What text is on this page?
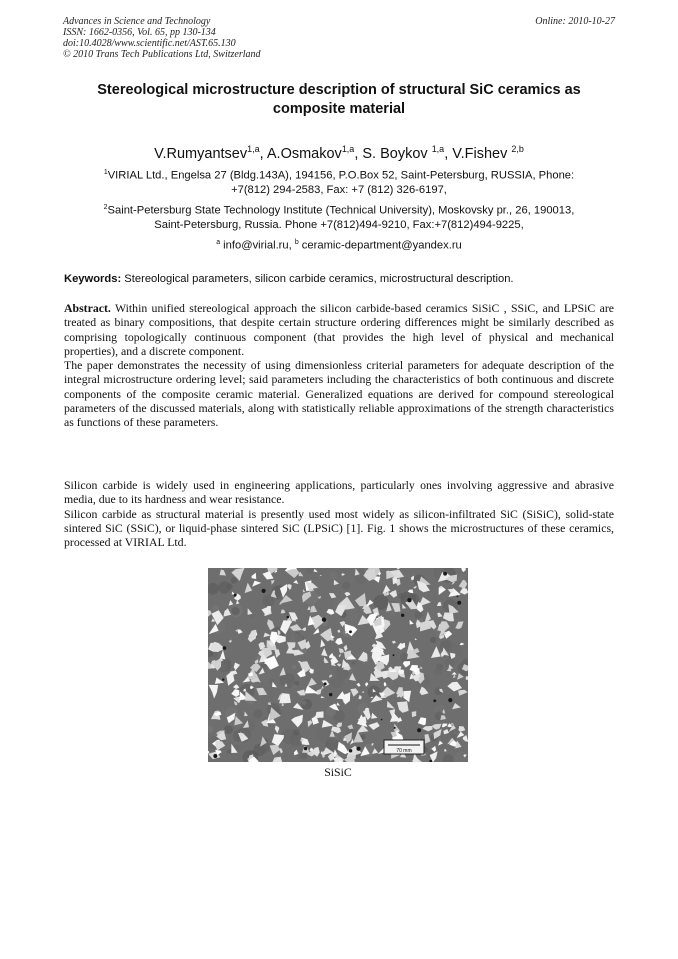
Advances in Science and Technology
ISSN: 1662-0356, Vol. 65, pp 130-134
doi:10.4028/www.scientific.net/AST.65.130
© 2010 Trans Tech Publications Ltd, Switzerland
Online: 2010-10-27
Stereological microstructure description of structural SiC ceramics as
composite material
V.Rumyantsev$^{1,a}$, A.Osmakov$^{1,a}$, S. Boykov $^{1,a}$, V.Fishev $^{2,b}$
$^1$VIRIAL Ltd., Engelsa 27 (Bldg.143A), 194156, P.O.Box 52, Saint-Petersburg, RUSSIA, Phone:
+7(812) 294-2583, Fax: +7 (812) 326-6197,
$^2$Saint-Petersburg State Technology Institute (Technical University), Moskovsky pr., 26, 190013,
Saint-Petersburg, Russia. Phone +7(812)494-9210, Fax:+7(812)494-9225,
$^a$ info@virial.ru, $^b$ ceramic-department@yandex.ru
Keywords: Stereological parameters, silicon carbide ceramics, microstructural description.

Abstract. Within unified stereological approach the silicon carbide-based ceramics SiSiC , SSiC, and LPSiC are treated as binary compositions, that despite certain structure ordering differences might be similarly described as comprising topologically continuous component (that provides the high level of physical and mechanical properties), and a discrete component.

The paper demonstrates the necessity of using dimensionless criterial parameters for adequate description of the integral microstructure ordering level; said parameters including the characteristics of both continuous and discrete components of the composite ceramic material. Generalized equations are derived for compound stereological parameters of the discussed materials, along with statistically reliable approximations of the strength characteristics as functions of these parameters.

Silicon carbide is widely used in engineering applications, particularly ones involving aggressive and abrasive media, due to its hardness and wear resistance.

Silicon carbide as structural material is presently used most widely as silicon-infiltrated SiC (SiSiC), solid-state sintered SiC (SSiC), or liquid-phase sintered SiC (LPSiC) [1]. Fig. 1 shows the microstructures of these ceramics, processed at VIRIAL Ltd.

70 mm
SiSiC
